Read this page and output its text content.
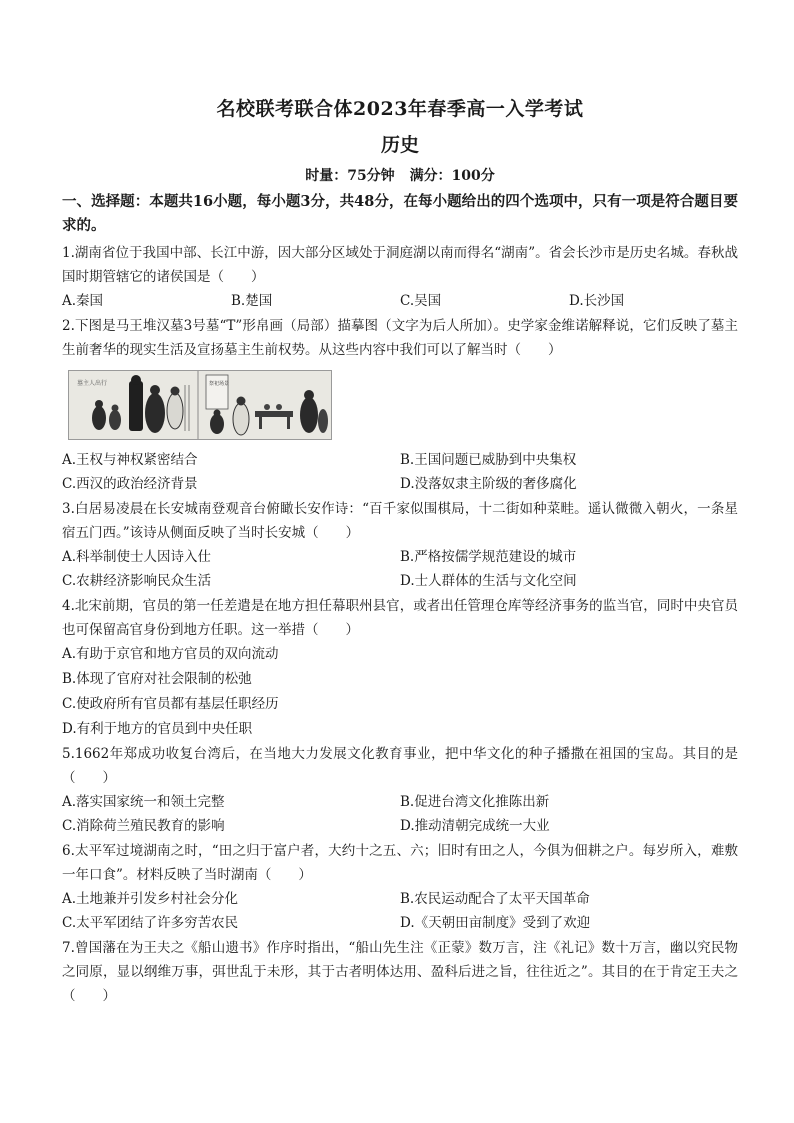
名校联考联合体2023年春季高一入学考试

历史

时量：75分钟 满分：100分

一、选择题：本题共16小题，每小题3分，共48分，在每小题给出的四个选项中，只有一项是符合题目要求的。

1.湖南省位于我国中部、长江中游，因大部分区域处于洞庭湖以南而得名“湖南”。省会长沙市是历史名城。春秋战国时期管辖它的诸侯国是（　　）

A.秦国	B.楚国	C.吴国	D.长沙国

2.下图是马王堆汉墓3号墓“T”形帛画（局部）描摹图（文字为后人所加）。史学家金维诺解释说，它们反映了墓主生前奢华的现实生活及宣扬墓主生前权势。从这些内容中我们可以了解当时（　　）

墓主人出行	祭祀场景
A.王权与神权紧密结合	B.王国问题已威胁到中央集权
C.西汉的政治经济背景	D.没落奴隶主阶级的奢侈腐化

3.白居易凌晨在长安城南登观音台俯瞰长安作诗：“百千家似围棋局，十二街如种菜畦。遥认微微入朝火，一条星宿五门西。”该诗从侧面反映了当时长安城（　　）

A.科举制使士人因诗入仕	B.严格按儒学规范建设的城市
C.农耕经济影响民众生活	D.士人群体的生活与文化空间

4.北宋前期，官员的第一任差遣是在地方担任幕职州县官，或者出任管理仓库等经济事务的监当官，同时中央官员也可保留高官身份到地方任职。这一举措（　　）

A.有助于京官和地方官员的双向流动
B.体现了官府对社会限制的松弛
C.使政府所有官员都有基层任职经历
D.有利于地方的官员到中央任职

5.1662年郑成功收复台湾后，在当地大力发展文化教育事业，把中华文化的种子播撒在祖国的宝岛。其目的是（　　）

A.落实国家统一和领土完整	B.促进台湾文化推陈出新
C.消除荷兰殖民教育的影响	D.推动清朝完成统一大业

6.太平军过境湖南之时，“田之归于富户者，大约十之五、六；旧时有田之人，今俱为佃耕之户。每岁所入，难敷一年口食”。材料反映了当时湖南（　　）

A.土地兼并引发乡村社会分化	B.农民运动配合了太平天国革命
C.太平军团结了许多穷苦农民	D.《天朝田亩制度》受到了欢迎

7.曾国藩在为王夫之《船山遗书》作序时指出，“船山先生注《正蒙》数万言，注《礼记》数十万言，幽以究民物之同原，显以纲维万事，弭世乱于未形，其于古者明体达用、盈科后进之旨，往往近之”。其目的在于肯定王夫之（　　）
